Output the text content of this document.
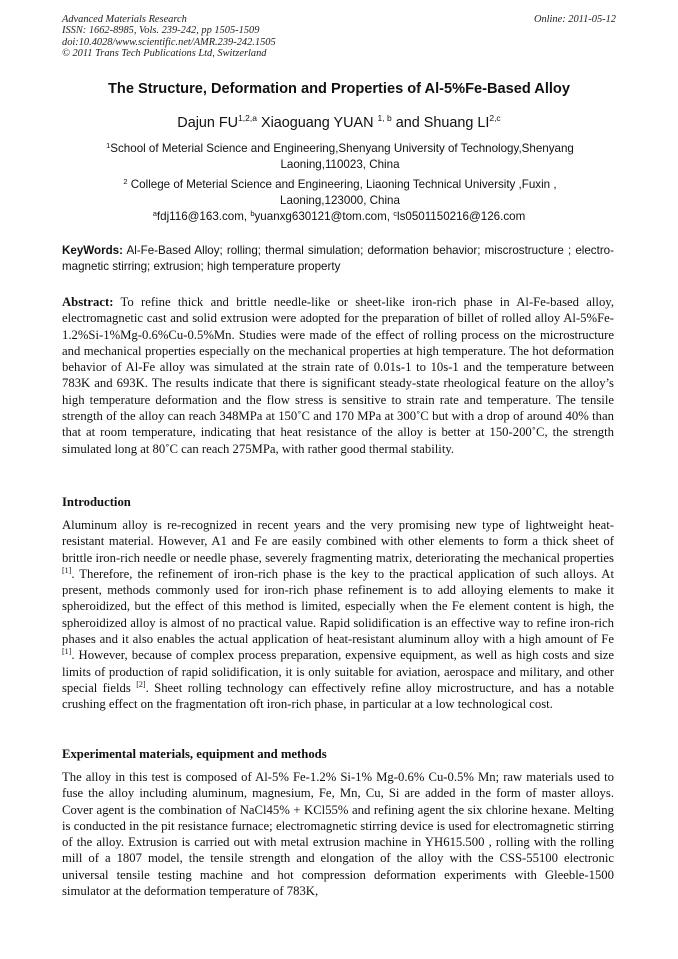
Advanced Materials Research
ISSN: 1662-8985, Vols. 239-242, pp 1505-1509
doi:10.4028/www.scientific.net/AMR.239-242.1505
© 2011 Trans Tech Publications Ltd, Switzerland
Online: 2011-05-12
The Structure, Deformation and Properties of Al-5%Fe-Based Alloy
Dajun FU$^{1,2,a}$ Xiaoguang YUAN $^{1, b}$ and Shuang LI$^{2,c}$
$^1$School of Meterial Science and Engineering,Shenyang University of Technology,Shenyang Laoning,110023, China
$^2$ College of Meterial Science and Engineering, Liaoning Technical University ,Fuxin , Laoning,123000, China
$^a$fdj116@163.com, $^b$yuanxg630121@tom.com, $^c$ls0501150216@126.com
KeyWords: Al-Fe-Based Alloy; rolling; thermal simulation; deformation behavior; miscrostructure ; electro-magnetic stirring; extrusion; high temperature property
Abstract: To refine thick and brittle needle-like or sheet-like iron-rich phase in Al-Fe-based alloy, electromagnetic cast and solid extrusion were adopted for the preparation of billet of rolled alloy Al-5%Fe-1.2%Si-1%Mg-0.6%Cu-0.5%Mn. Studies were made of the effect of rolling process on the microstructure and mechanical properties especially on the mechanical properties at high temperature. The hot deformation behavior of Al-Fe alloy was simulated at the strain rate of 0.01s-1 to 10s-1 and the temperature between 783K and 693K. The results indicate that there is significant steady-state rheological feature on the alloy’s high temperature deformation and the flow stress is sensitive to strain rate and temperature. The tensile strength of the alloy can reach 348MPa at 150˚C and 170 MPa at 300˚C but with a drop of around 40% than that at room temperature, indicating that heat resistance of the alloy is better at 150-200˚C, the strength simulated long at 80˚C can reach 275MPa, with rather good thermal stability.
Introduction
Aluminum alloy is re-recognized in recent years and the very promising new type of lightweight heat-resistant material. However, A1 and Fe are easily combined with other elements to form a thick sheet of brittle iron-rich needle or needle phase, severely fragmenting matrix, deteriorating the mechanical properties [1]. Therefore, the refinement of iron-rich phase is the key to the practical application of such alloys. At present, methods commonly used for iron-rich phase refinement is to add alloying elements to make it spheroidized, but the effect of this method is limited, especially when the Fe element content is high, the spheroidized alloy is almost of no practical value. Rapid solidification is an effective way to refine iron-rich phases and it also enables the actual application of heat-resistant aluminum alloy with a high amount of Fe [1]. However, because of complex process preparation, expensive equipment, as well as high costs and size limits of production of rapid solidification, it is only suitable for aviation, aerospace and military, and other special fields [2]. Sheet rolling technology can effectively refine alloy microstructure, and has a notable crushing effect on the fragmentation oft iron-rich phase, in particular at a low technological cost.
Experimental materials, equipment and methods
The alloy in this test is composed of Al-5% Fe-1.2% Si-1% Mg-0.6% Cu-0.5% Mn; raw materials used to fuse the alloy including aluminum, magnesium, Fe, Mn, Cu, Si are added in the form of master alloys. Cover agent is the combination of NaCl45% + KCl55% and refining agent the six chlorine hexane. Melting is conducted in the pit resistance furnace; electromagnetic stirring device is used for electromagnetic stirring of the alloy. Extrusion is carried out with metal extrusion machine in YH615.500 , rolling with the rolling mill of a 1807 model, the tensile strength and elongation of the alloy with the CSS-55100 electronic universal tensile testing machine and hot compression deformation experiments with Gleeble-1500 simulator at the deformation temperature of 783K,
